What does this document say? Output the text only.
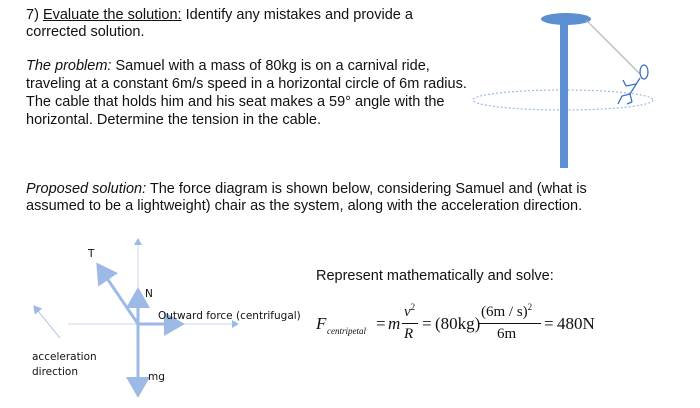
7) Evaluate the solution: Identify any mistakes and provide a
corrected solution.
The problem: Samuel with a mass of 80kg is on a carnival ride,
traveling at a constant 6m/s speed in a horizontal circle of 6m radius.
The cable that holds him and his seat makes a 59° angle with the
horizontal. Determine the tension in the cable.
Proposed solution: The force diagram is shown below, considering Samuel and (what is
assumed to be a lightweight) chair as the system, along with the acceleration direction.
T
N
Outward force (centrifugal)
mg
acceleration
direction
Represent mathematically and solve:
F centripetal = m
$v^2$
R
= (80kg)
(6m / s)$^2$
6m
= 480N
